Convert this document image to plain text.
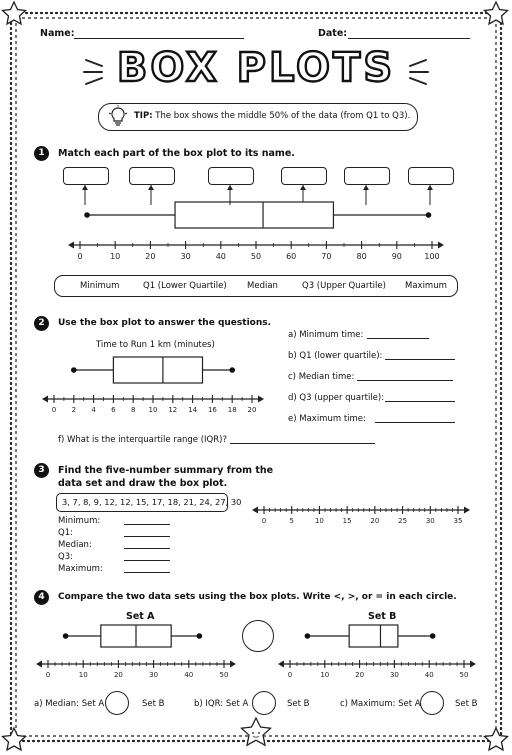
Name:	Date:
BOX PLOTS
TIP: The box shows the middle 50% of the data (from Q1 to Q3).
1	Match each part of the box plot to its name.
0	10	20	30	40	50	60	70	80	90	100
Minimum	Q1 (Lower Quartile) Median	Q3 (Upper Quartile) Maximum
2	Use the box plot to answer the questions.
Time to Run 1 km (minutes)
0 2 4 6 8 10 12 14 16 18 20
a) Minimum time:
b) Q1 (lower quartile):
c) Median time:
d) Q3 (upper quartile):
e) Maximum time:
f) What is the interquartile range (IQR)?
3	Find the five-number summary from the
data set and draw the box plot.
3, 7, 8, 9, 12, 12, 15, 17, 18, 21, 24, 27, 30
Minimum:
Q1:
Median:
Q3:
Maximum:
0	5	10	15	20	25	30	35
4	Compare the two data sets using the box plots. Write <, >, or = in each circle.
Set A	Set B
0	10	20	30	40	50	0	10	20	30	40	50
a) Median: Set A	Set B	b) IQR: Set A	Set B	c) Maximum: Set A	Set B
